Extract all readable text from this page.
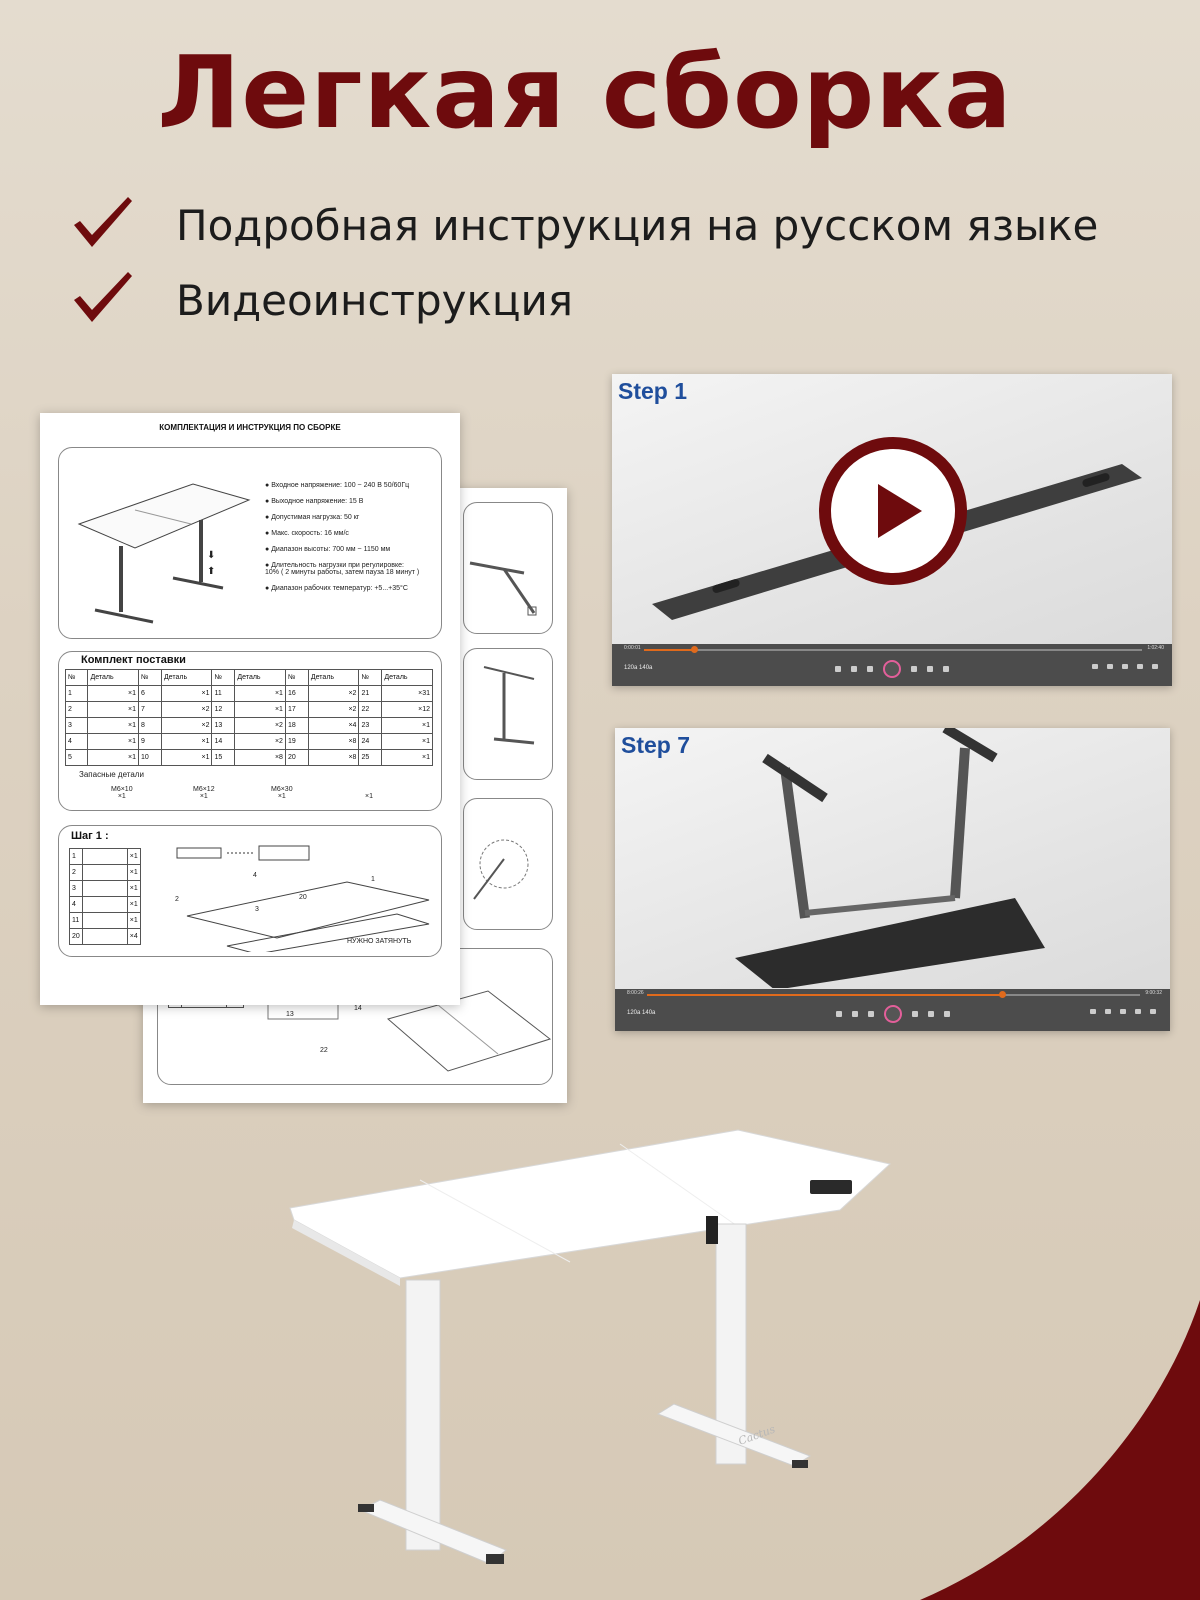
Легкая сборка
Подробная инструкция на русском языке
Видеоинструкция

13
14
22
КОМПЛЕКТАЦИЯ И ИНСТРУКЦИЯ ПО СБОРКЕ
⬇
⬆
● Входное напряжение: 100 ~ 240 В 50/60Гц
● Выходное напряжение: 15 В
● Допустимая нагрузка: 50 кг
● Макс. скорость: 16 мм/с
● Диапазон высоты: 700 мм ~ 1150 мм
● Длительность нагрузки при регулировке:
10% ( 2 минуты работы, затем пауза 18 минут )
● Диапазон рабочих температур: +5...+35°C
Комплект поставки
№	Деталь	№	Деталь	№	Деталь	№	Деталь	№	Деталь
1	×1	6	×1	11	×1	16	×2	21	×31
2	×1	7	×2	12	×1	17	×2	22	×12
3	×1	8	×2	13	×2	18	×4	23	×1
4	×1	9	×1	14	×2	19	×8	24	×1
5	×1	10	×1	15	×8	20	×8	25	×1
Запасные детали
M6×10
×1
M6×12
×1
M6×30
×1	×1
Шаг 1 :
1		×1
2		×1
3		×1
4		×1
11		×1
20		×4
1
2
3
4
20
НУЖНО ЗАТЯНУТЬ
Step 1
0:00:01	1:02:40
120a 140a
Step 7
8:00:26	9:00:32
120a 140a
Cactus
